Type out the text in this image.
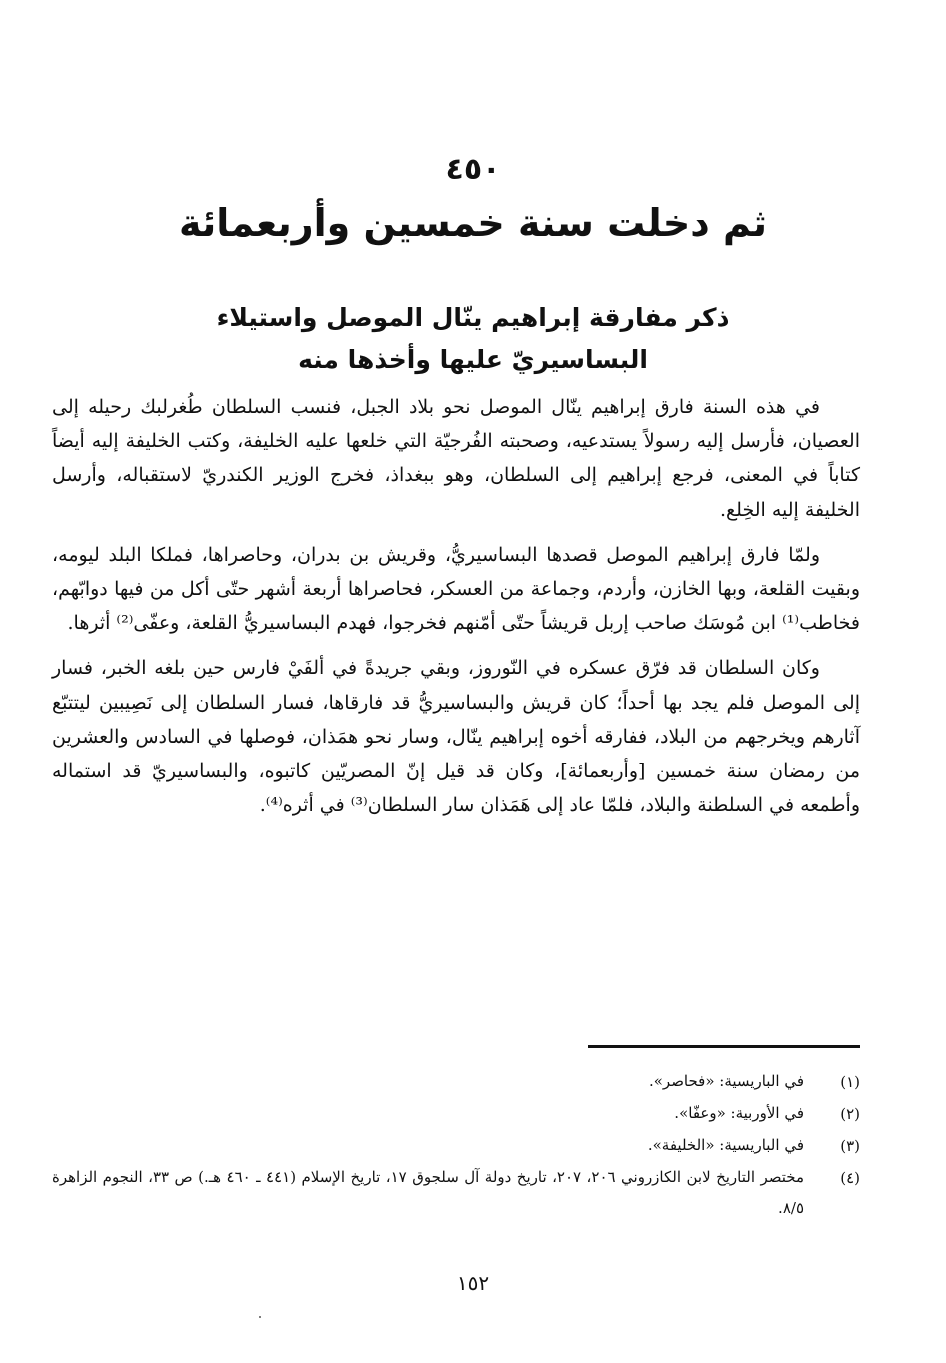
٤٥٠
ثم دخلت سنة خمسين وأربعمائة
ذكر مفارقة إبراهيم ينّال الموصل واستيلاء
البساسيريّ عليها وأخذها منه

في هذه السنة فارق إبراهيم ينّال الموصل نحو بلاد الجبل، فنسب السلطان طُغرلبك رحيله إلى العصيان، فأرسل إليه رسولاً يستدعيه، وصحبته الفُرجيّة التي خلعها عليه الخليفة، وكتب الخليفة إليه أيضاً كتاباً في المعنى، فرجع إبراهيم إلى السلطان، وهو ببغداذ، فخرج الوزير الكندريّ لاستقباله، وأرسل الخليفة إليه الخِلع.

ولمّا فارق إبراهيم الموصل قصدها البساسيريُّ، وقريش بن بدران، وحاصراها، فملكا البلد ليومه، وبقيت القلعة، وبها الخازن، وأردم، وجماعة من العسكر، فحاصراها أربعة أشهر حتّى أكل من فيها دوابّهم، فخاطب⁽¹⁾ ابن مُوسَك صاحب إربل قريشاً حتّى أمّنهم فخرجوا، فهدم البساسيريُّ القلعة، وعفّى⁽²⁾ أثرها.

وكان السلطان قد فرّق عسكره في النّوروز، وبقي جريدةً في ألفَيْ فارس حين بلغه الخبر، فسار إلى الموصل فلم يجد بها أحداً؛ كان قريش والبساسيريُّ قد فارقاها، فسار السلطان إلى نَصِيبين ليتتبّع آثارهم ويخرجهم من البلاد، ففارقه أخوه إبراهيم ينّال، وسار نحو همَذان، فوصلها في السادس والعشرين من رمضان سنة خمسين [وأربعمائة]، وكان قد قيل إنّ المصريّين كاتبوه، والبساسيريّ قد استماله وأطمعه في السلطنة والبلاد، فلمّا عاد إلى هَمَذان سار السلطان⁽³⁾ في أثره⁽⁴⁾.

(١)
في الباريسية: «فحاصر».
(٢)
في الأوربية: «وعفّا».
(٣)
في الباريسية: «الخليفة».
(٤)
مختصر التاريخ لابن الكازروني ٢٠٦، ٢٠٧، تاريخ دولة آل سلجوق ١٧، تاريخ الإسلام (٤٤١ ـ ٤٦٠ هـ.) ص ٣٣، النجوم الزاهرة ٨/٥.
١٥٢
